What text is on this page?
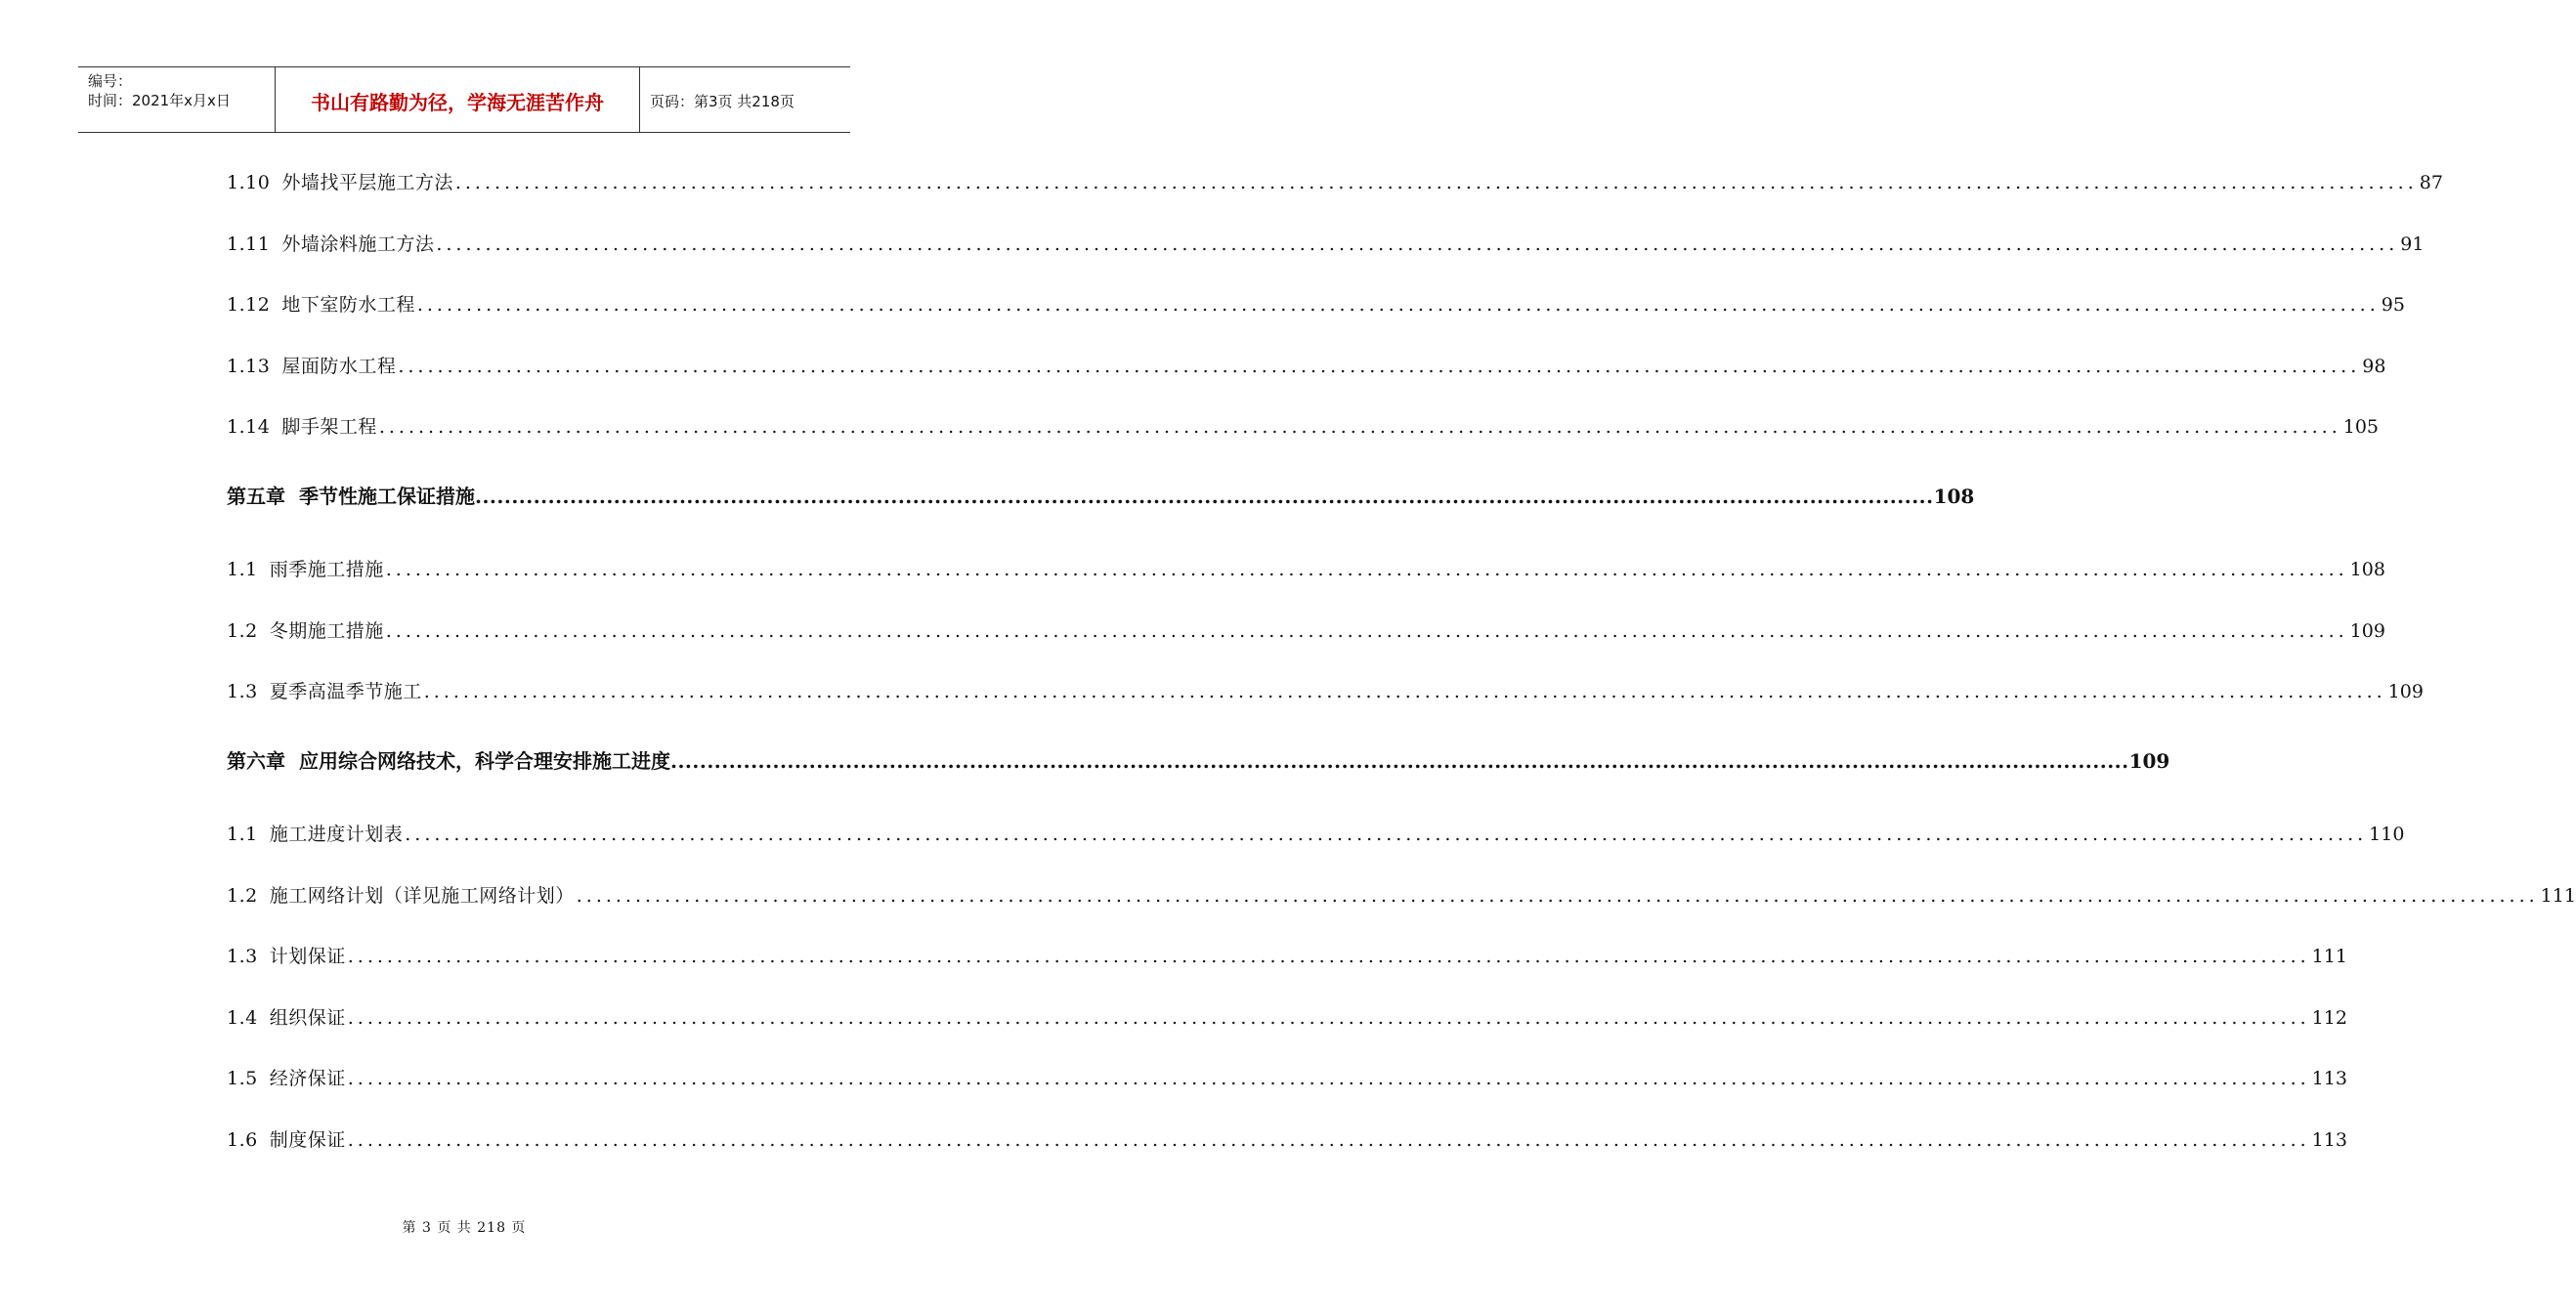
编号：
时间：2021年x月x日	书山有路勤为径，学海无涯苦作舟	页码：第3页 共218页
1.10 外墙找平层施工方法 ........................................................................................................................................................................................................ 87
1.11 外墙涂料施工方法 ........................................................................................................................................................................................................ 91
1.12 地下室防水工程 ........................................................................................................................................................................................................ 95
1.13 屋面防水工程 ........................................................................................................................................................................................................ 98
1.14 脚手架工程 ........................................................................................................................................................................................................ 105
第五章 季节性施工保证措施 ........................................................................................................................................................................................................ 108
1.1 雨季施工措施 ........................................................................................................................................................................................................ 108
1.2 冬期施工措施 ........................................................................................................................................................................................................ 109
1.3 夏季高温季节施工 ........................................................................................................................................................................................................ 109
第六章 应用综合网络技术，科学合理安排施工进度 ........................................................................................................................................................................................................ 109
1.1 施工进度计划表 ........................................................................................................................................................................................................ 110
1.2 施工网络计划（详见施工网络计划） ........................................................................................................................................................................................................ 111
1.3 计划保证 ........................................................................................................................................................................................................ 111
1.4 组织保证 ........................................................................................................................................................................................................ 112
1.5 经济保证 ........................................................................................................................................................................................................ 113
1.6 制度保证 ........................................................................................................................................................................................................ 113
第 3 页 共 218 页
